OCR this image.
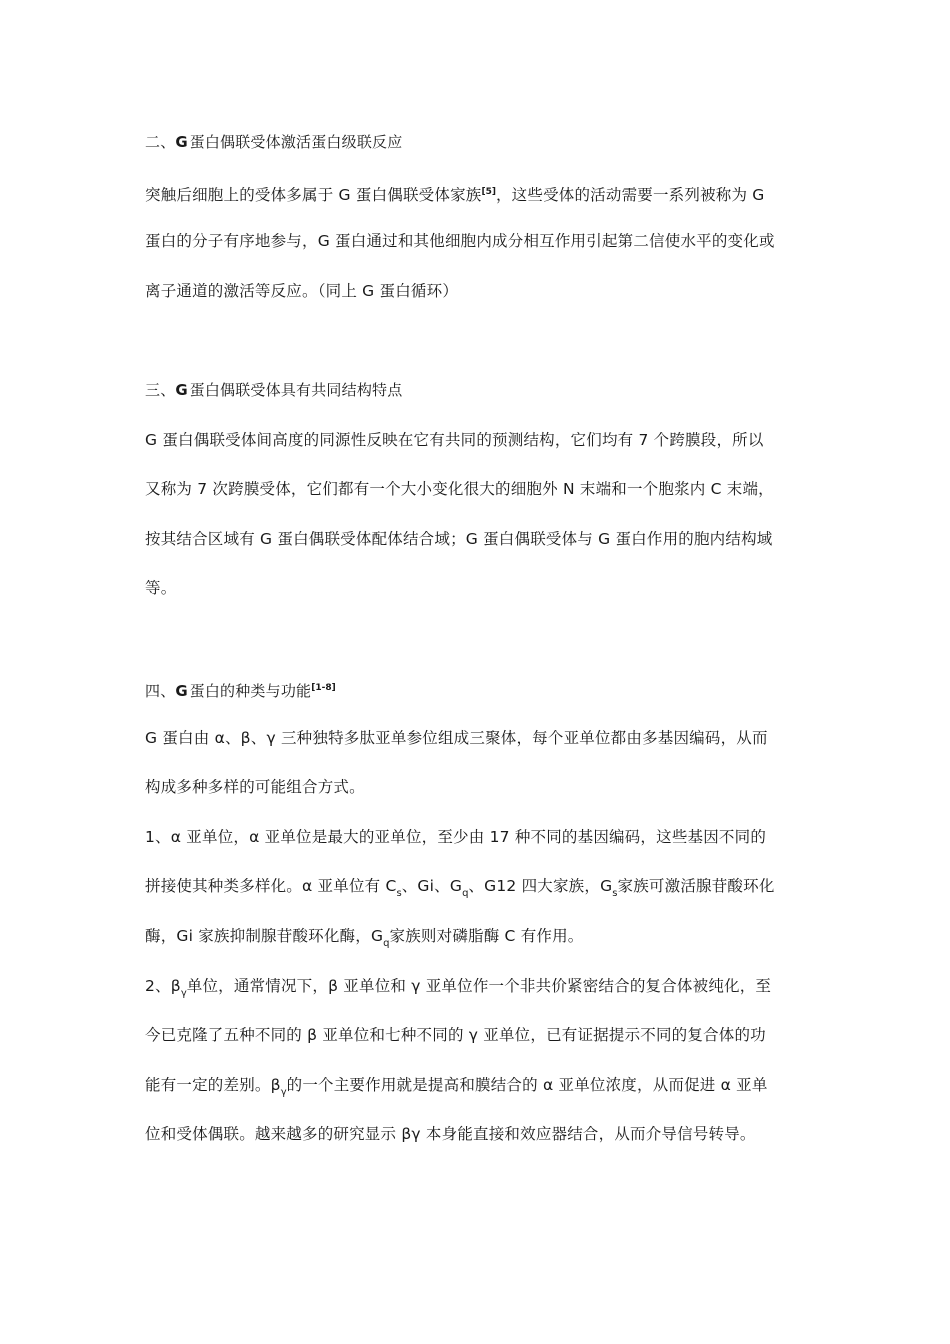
二、G  蛋白偶联受体激活蛋白级联反应
突触后细胞上的受体多属于 G 蛋白偶联受体家族[5]，这些受体的活动需要一系列被称为 G
蛋白的分子有序地参与，G 蛋白通过和其他细胞内成分相互作用引起第二信使水平的变化或
离子通道的激活等反应。（同上 G 蛋白循环）
三、G  蛋白偶联受体具有共同结构特点
G 蛋白偶联受体间高度的同源性反映在它有共同的预测结构，它们均有 7 个跨膜段，所以
又称为 7 次跨膜受体，它们都有一个大小变化很大的细胞外 N 末端和一个胞浆内 C 末端，
按其结合区域有 G 蛋白偶联受体配体结合域；G 蛋白偶联受体与 G 蛋白作用的胞内结构域
等。
四、G  蛋白的种类与功能[1-8]
G 蛋白由 α、β、γ 三种独特多肽亚单参位组成三聚体，每个亚单位都由多基因编码，从而
构成多种多样的可能组合方式。
1、α 亚单位，α 亚单位是最大的亚单位，至少由 17 种不同的基因编码，这些基因不同的
拼接使其种类多样化。α 亚单位有 $C_s$、Gi、$G_q$、G12 四大家族，$G_s$家族可激活腺苷酸环化
酶，Gi 家族抑制腺苷酸环化酶，$G_q$家族则对磷脂酶 C 有作用。
2、$\beta_\gamma$单位，通常情况下，β 亚单位和 γ 亚单位作一个非共价紧密结合的复合体被纯化，至
今已克隆了五种不同的 β 亚单位和七种不同的 γ 亚单位，已有证据提示不同的复合体的功
能有一定的差别。$\beta_\gamma$的一个主要作用就是提高和膜结合的 α 亚单位浓度，从而促进 α 亚单
位和受体偶联。越来越多的研究显示 βγ 本身能直接和效应器结合，从而介导信号转导。
